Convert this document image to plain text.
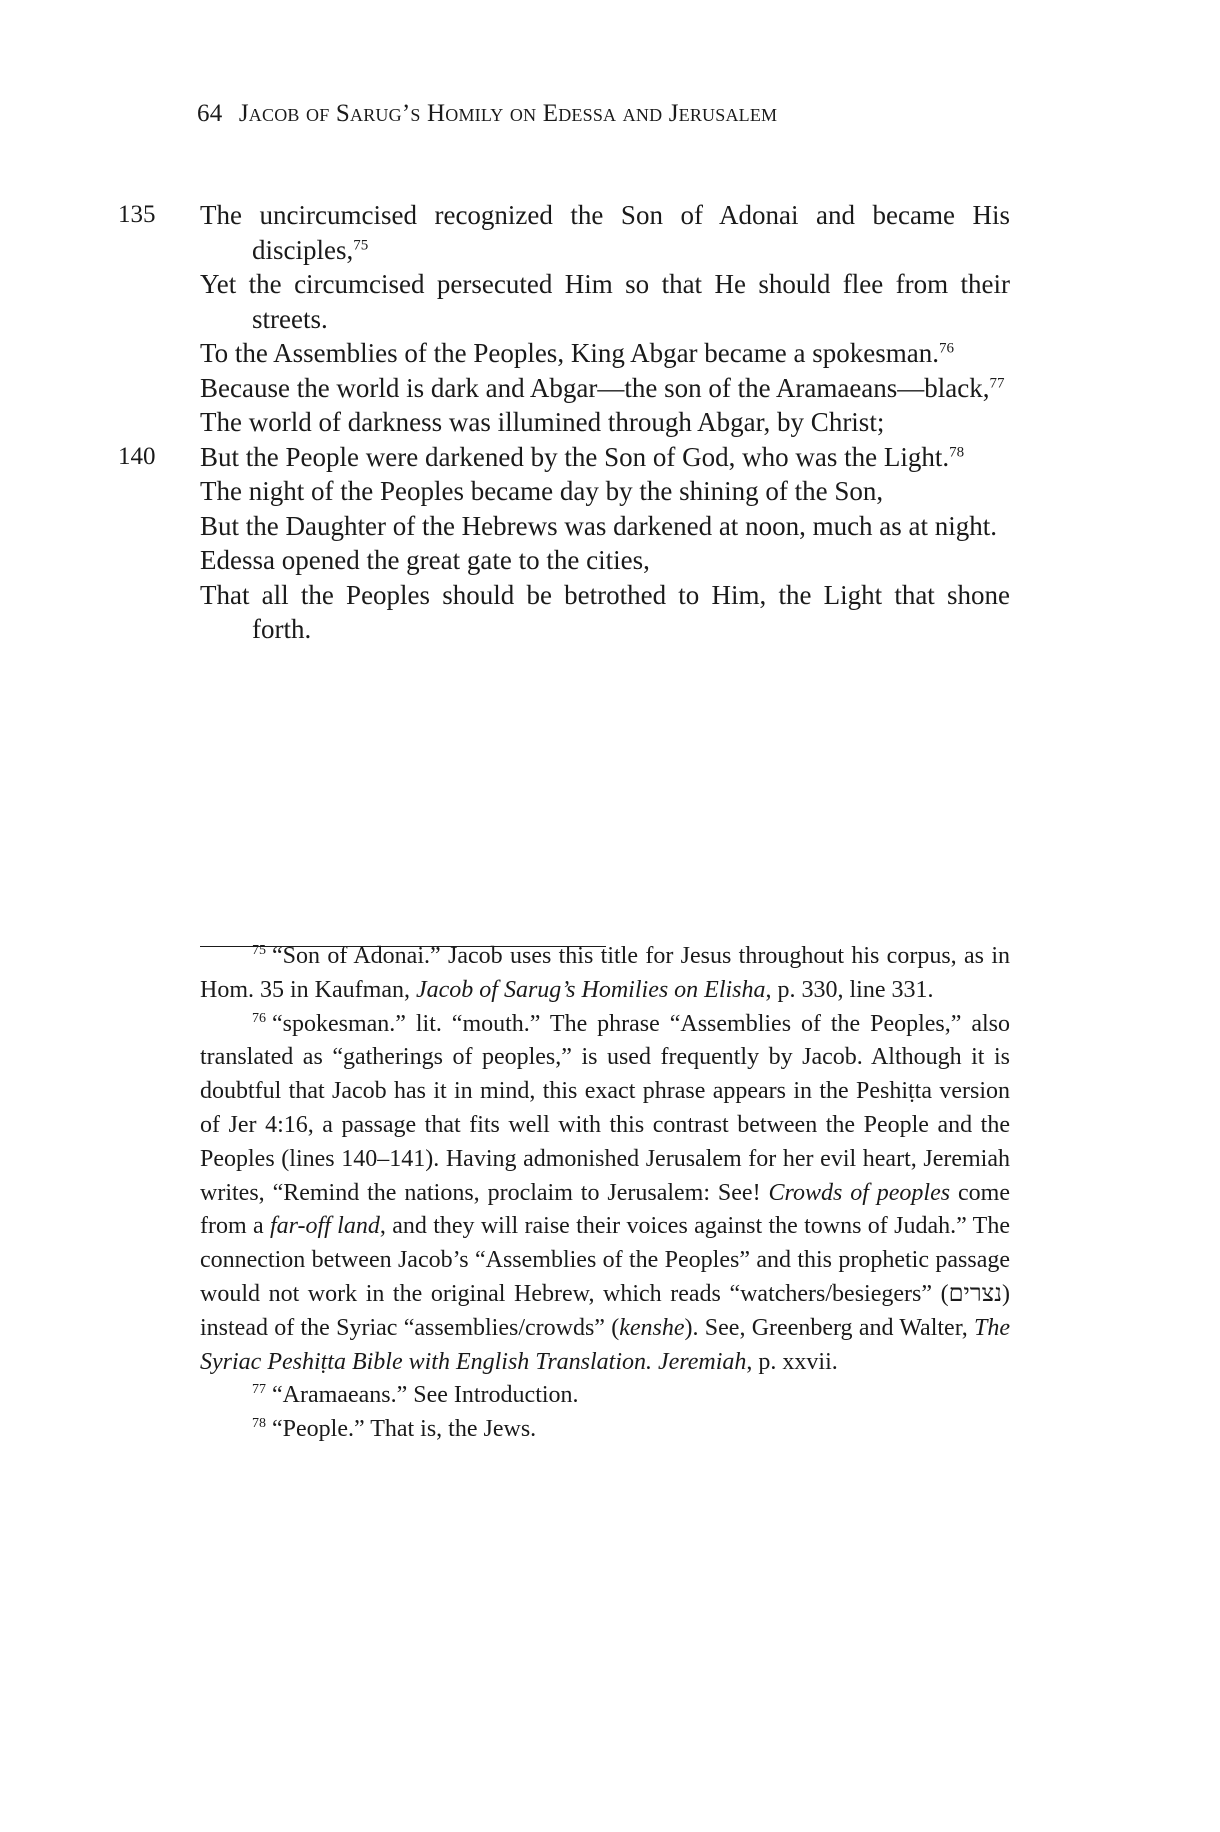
64 Jacob of Sarug’s Homily on Edessa and Jerusalem

135	The uncircumcised recognized the Son of Adonai and became His disciples,$^{75}$

Yet the circumcised persecuted Him so that He should flee from their streets.

To the Assemblies of the Peoples, King Abgar became a spokesman.$^{76}$

Because the world is dark and Abgar—the son of the Aramaeans—black,$^{77}$

The world of darkness was illumined through Abgar, by Christ;

140	But the People were darkened by the Son of God, who was the Light.$^{78}$

The night of the Peoples became day by the shining of the Son,

But the Daughter of the Hebrews was darkened at noon, much as at night.

Edessa opened the great gate to the cities,

That all the Peoples should be betrothed to Him, the Light that shone forth.

$^{75}$ “Son of Adonai.” Jacob uses this title for Jesus throughout his corpus, as in Hom. 35 in Kaufman, Jacob of Sarug’s Homilies on Elisha, p. 330, line 331.

$^{76}$ “spokesman.” lit. “mouth.” The phrase “Assemblies of the Peoples,” also translated as “gatherings of peoples,” is used frequently by Jacob. Although it is doubtful that Jacob has it in mind, this exact phrase appears in the Peshiṭta version of Jer 4:16, a passage that fits well with this contrast between the People and the Peoples (lines 140–141). Having admonished Jerusalem for her evil heart, Jeremiah writes, “Remind the nations, proclaim to Jerusalem: See! Crowds of peoples come from a far-off land, and they will raise their voices against the towns of Judah.” The connection between Jacob’s “Assemblies of the Peoples” and this prophetic passage would not work in the original Hebrew, which reads “watchers/besiegers” (נצרים) instead of the Syriac “assemblies/crowds” (kenshe). See, Greenberg and Walter, The Syriac Peshiṭta Bible with English Translation. Jeremiah, p. xxvii.

$^{77}$ “Aramaeans.” See Introduction.

$^{78}$ “People.” That is, the Jews.
